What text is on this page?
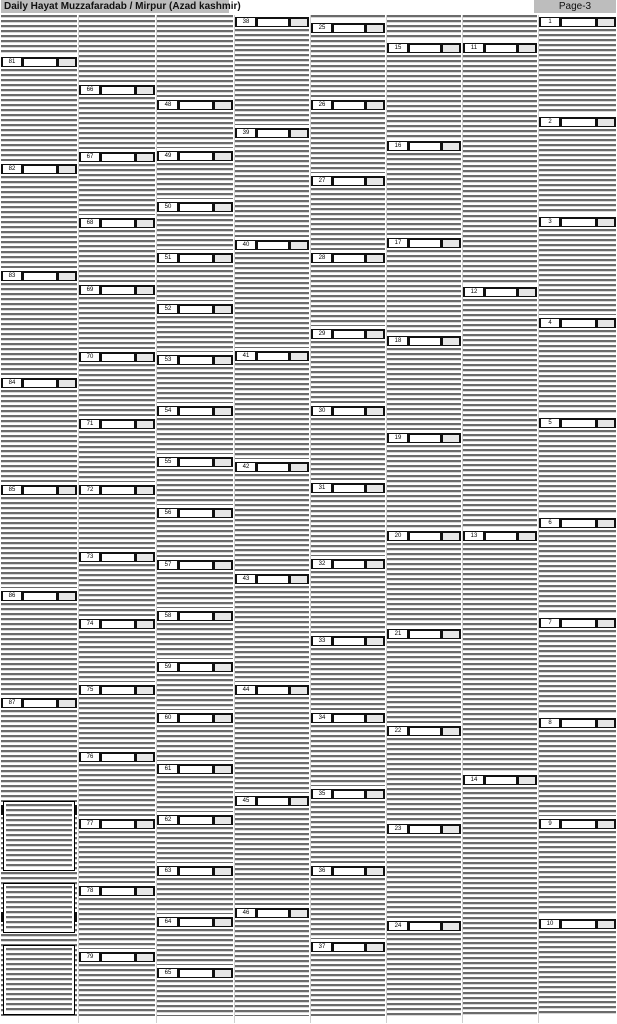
Daily Hayat Muzzafaradab / Mirpur (Azad kashmir)	Page-3
81
82
83
84
85
86
87
66
67
68
69
70
71
72
73
74
75
76
77
78
79
48
49
50
51
52
53
54
55
56
57
58
59
60
61
62
63
64
65
38
39
40
41
42
43
44
45
46
25
26
27
28
29
30
31
32
33
34
35
36
37
15
16
17
18
19
20
21
22
23
24
11
12
13
14
1
2
3
4
5
6
7
8
9
10
